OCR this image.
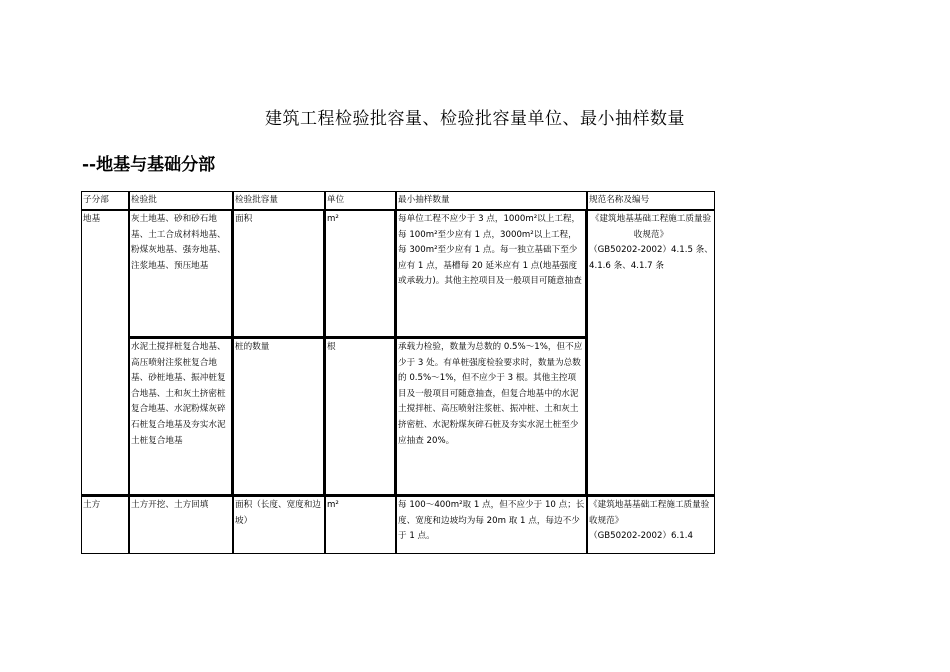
建筑工程检验批容量、检验批容量单位、最小抽样数量
--地基与基础分部
子分部	检验批	检验批容量	单位	最小抽样数量	规范名称及编号
地基	灰土地基、砂和砂石地基、土工合成材料地基、粉煤灰地基、强夯地基、注浆地基、预压地基	面积	m²	每单位工程不应少于 3 点，1000m²以上工程，每 100m²至少应有 1 点，3000m²以上工程，每 300m²至少应有 1 点。每一独立基础下至少应有 1 点，基槽每 20 延米应有 1 点(地基强度或承载力)。其他主控项目及一般项目可随意抽查	《建筑地基基础工程施工质量验收规范》
（GB50202-2002）4.1.5 条、4.1.6 条、4.1.7 条

	水泥土搅拌桩复合地基、高压喷射注浆桩复合地基、砂桩地基、振冲桩复合地基、土和灰土挤密桩复合地基、水泥粉煤灰碎石桩复合地基及夯实水泥土桩复合地基	桩的数量	根	承载力检验，数量为总数的 0.5%～1%，但不应少于 3 处。有单桩强度检验要求时，数量为总数的 0.5%～1%，但不应少于 3 根。其他主控项目及一般项目可随意抽查，但复合地基中的水泥土搅拌桩、高压喷射注浆桩、振冲桩、土和灰土挤密桩、水泥粉煤灰碎石桩及夯实水泥土桩至少应抽查 20%。	
土方	土方开挖、土方回填	面积（长度、宽度和边坡）	m²	每 100～400m²取 1 点，但不应少于 10 点；长度、宽度和边坡均为每 20m 取 1 点，每边不少于 1 点。	《建筑地基基础工程施工质量验收规范》
（GB50202-2002）6.1.4
